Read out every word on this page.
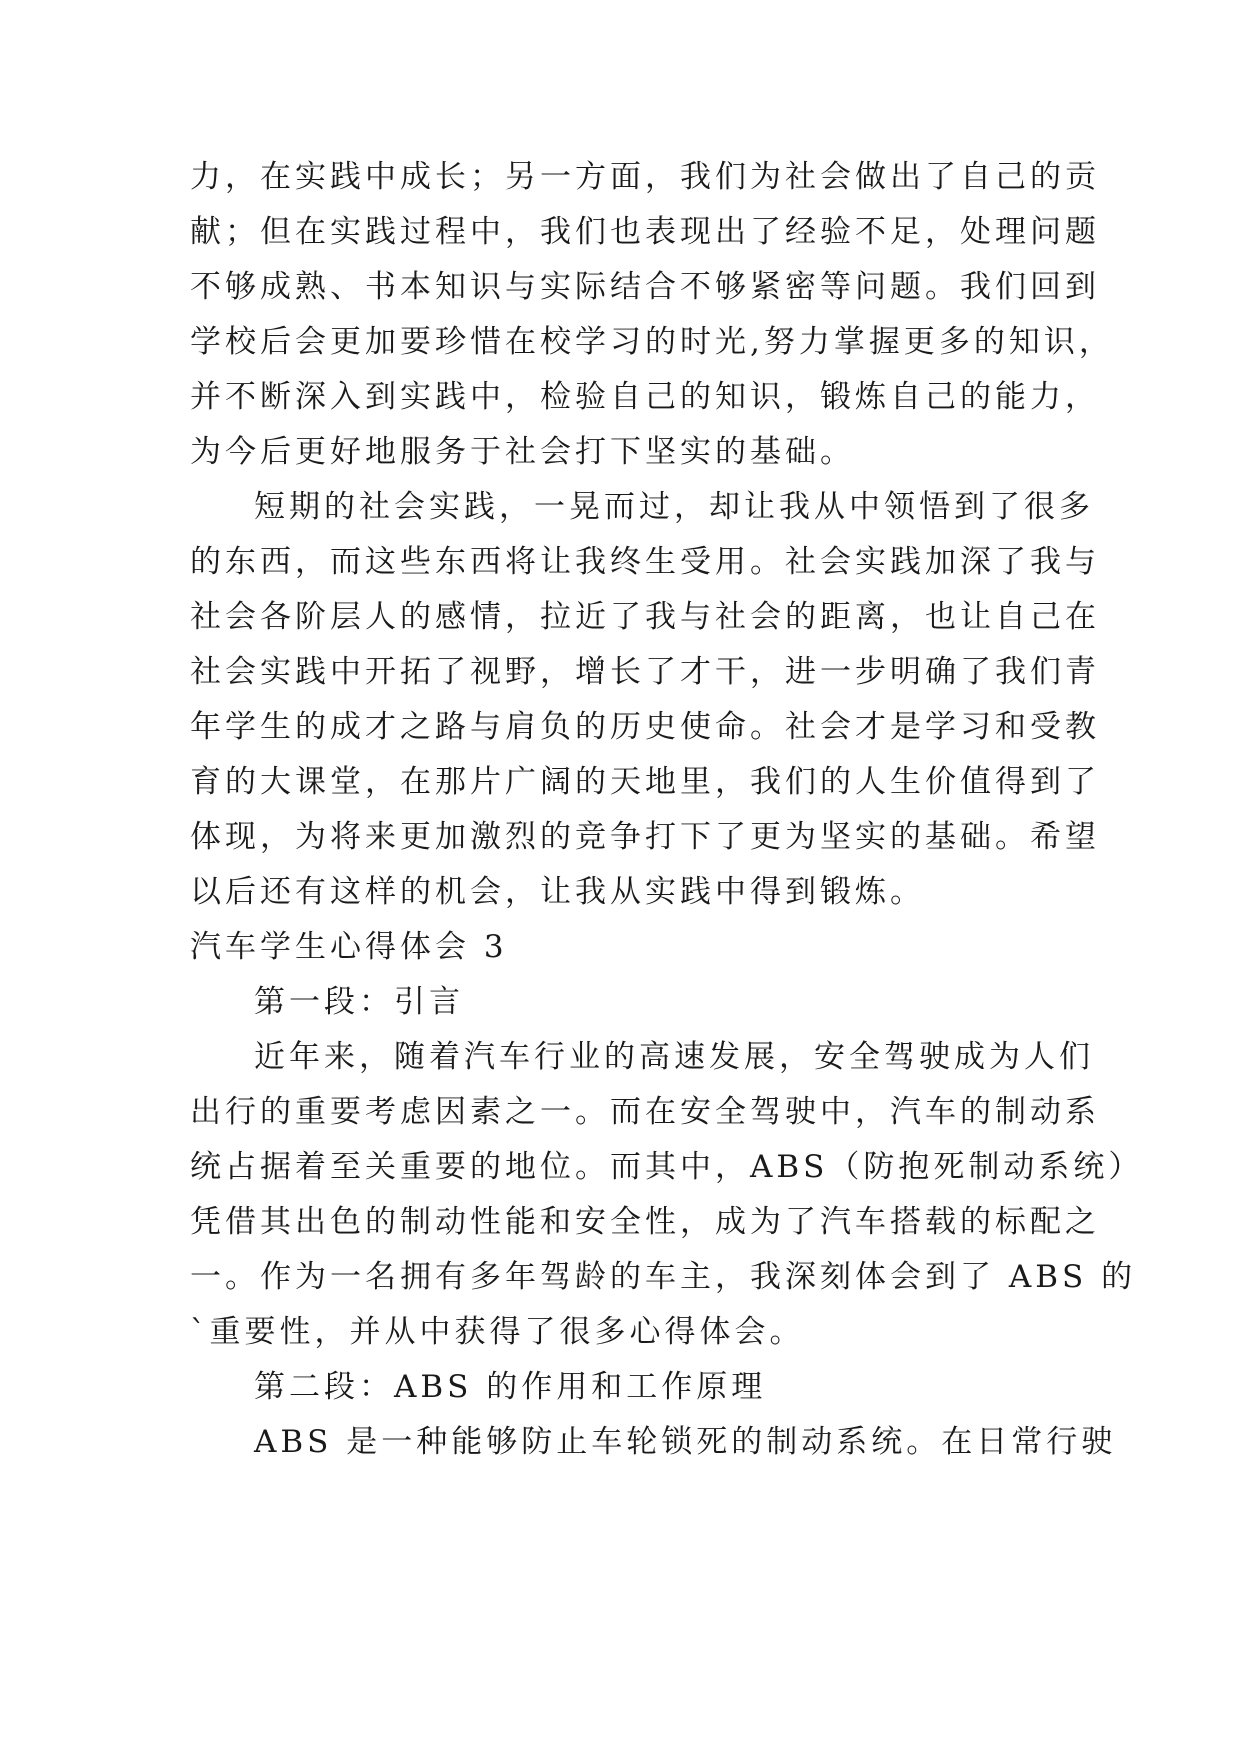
力，在实践中成长；另一方面，我们为社会做出了自己的贡
献；但在实践过程中，我们也表现出了经验不足，处理问题
不够成熟、书本知识与实际结合不够紧密等问题。我们回到
学校后会更加要珍惜在校学习的时光,努力掌握更多的知识，
并不断深入到实践中，检验自己的知识，锻炼自己的能力，
为今后更好地服务于社会打下坚实的基础。
短期的社会实践，一晃而过，却让我从中领悟到了很多
的东西，而这些东西将让我终生受用。社会实践加深了我与
社会各阶层人的感情，拉近了我与社会的距离，也让自己在
社会实践中开拓了视野，增长了才干，进一步明确了我们青
年学生的成才之路与肩负的历史使命。社会才是学习和受教
育的大课堂，在那片广阔的天地里，我们的人生价值得到了
体现，为将来更加激烈的竞争打下了更为坚实的基础。希望
以后还有这样的机会，让我从实践中得到锻炼。
汽车学生心得体会 3
第一段：引言
近年来，随着汽车行业的高速发展，安全驾驶成为人们
出行的重要考虑因素之一。而在安全驾驶中，汽车的制动系
统占据着至关重要的地位。而其中，ABS（防抱死制动系统）
凭借其出色的制动性能和安全性，成为了汽车搭载的标配之
一。作为一名拥有多年驾龄的车主，我深刻体会到了 ABS 的
`重要性，并从中获得了很多心得体会。
第二段：ABS 的作用和工作原理
ABS 是一种能够防止车轮锁死的制动系统。在日常行驶
